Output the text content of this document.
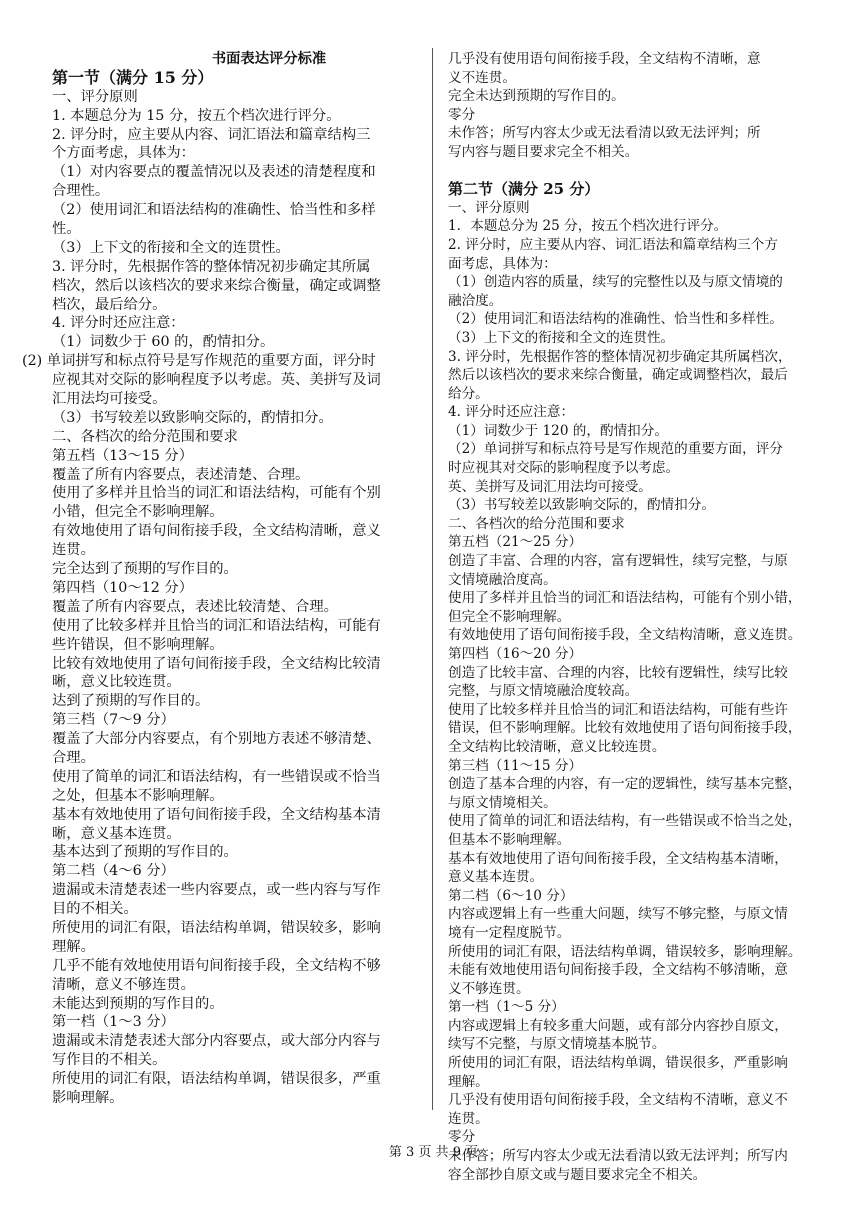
书面表达评分标准
第一节（满分 15 分）
一、评分原则
1. 本题总分为 15 分，按五个档次进行评分。
2. 评分时，应主要从内容、词汇语法和篇章结构三
个方面考虑，具体为：
（1）对内容要点的覆盖情况以及表述的清楚程度和
合理性。
（2）使用词汇和语法结构的准确性、恰当性和多样
性。
（3）上下文的衔接和全文的连贯性。
3. 评分时，先根据作答的整体情况初步确定其所属
档次，然后以该档次的要求来综合衡量，确定或调整
档次，最后给分。
4. 评分时还应注意：
（1）词数少于 60 的，酌情扣分。
(2) 单词拼写和标点符号是写作规范的重要方面，评分时
应视其对交际的影响程度予以考虑。英、美拼写及词
汇用法均可接受。
（3）书写较差以致影响交际的，酌情扣分。
二、各档次的给分范围和要求
第五档（13～15 分）
覆盖了所有内容要点，表述清楚、合理。
使用了多样并且恰当的词汇和语法结构，可能有个别
小错，但完全不影响理解。
有效地使用了语句间衔接手段，全文结构清晰，意义
连贯。
完全达到了预期的写作目的。
第四档（10～12 分）
覆盖了所有内容要点，表述比较清楚、合理。
使用了比较多样并且恰当的词汇和语法结构，可能有
些许错误，但不影响理解。
比较有效地使用了语句间衔接手段，全文结构比较清
晰，意义比较连贯。
达到了预期的写作目的。
第三档（7～9 分）
覆盖了大部分内容要点，有个别地方表述不够清楚、
合理。
使用了简单的词汇和语法结构，有一些错误或不恰当
之处，但基本不影响理解。
基本有效地使用了语句间衔接手段，全文结构基本清
晰，意义基本连贯。
基本达到了预期的写作目的。
第二档（4～6 分）
遗漏或未清楚表述一些内容要点，或一些内容与写作
目的不相关。
所使用的词汇有限，语法结构单调，错误较多，影响
理解。
几乎不能有效地使用语句间衔接手段，全文结构不够
清晰，意义不够连贯。
未能达到预期的写作目的。
第一档（1～3 分）
遗漏或未清楚表述大部分内容要点，或大部分内容与
写作目的不相关。
所使用的词汇有限，语法结构单调，错误很多，严重
影响理解。
几乎没有使用语句间衔接手段，全文结构不清晰，意
义不连贯。
完全未达到预期的写作目的。
零分
未作答；所写内容太少或无法看清以致无法评判；所
写内容与题目要求完全不相关。
第二节（满分 25 分）
一、评分原则
1．本题总分为 25 分，按五个档次进行评分。
2. 评分时，应主要从内容、词汇语法和篇章结构三个方
面考虑，具体为：
（1）创造内容的质量，续写的完整性以及与原文情境的
融洽度。
（2）使用词汇和语法结构的准确性、恰当性和多样性。
（3）上下文的衔接和全文的连贯性。
3. 评分时，先根据作答的整体情况初步确定其所属档次，
然后以该档次的要求来综合衡量，确定或调整档次，最后
给分。
4. 评分时还应注意：
（1）词数少于 120 的，酌情扣分。
（2）单词拼写和标点符号是写作规范的重要方面，评分
时应视其对交际的影响程度予以考虑。
英、美拼写及词汇用法均可接受。
（3）书写较差以致影响交际的，酌情扣分。
二、各档次的给分范围和要求
第五档（21～25 分）
创造了丰富、合理的内容，富有逻辑性，续写完整，与原
文情境融洽度高。
使用了多样并且恰当的词汇和语法结构，可能有个别小错，
但完全不影响理解。
有效地使用了语句间衔接手段，全文结构清晰，意义连贯。
第四档（16～20 分）
创造了比较丰富、合理的内容，比较有逻辑性，续写比较
完整，与原文情境融洽度较高。
使用了比较多样并且恰当的词汇和语法结构，可能有些许
错误，但不影响理解。比较有效地使用了语句间衔接手段，
全文结构比较清晰，意义比较连贯。
第三档（11～15 分）
创造了基本合理的内容，有一定的逻辑性，续写基本完整，
与原文情境相关。
使用了简单的词汇和语法结构，有一些错误或不恰当之处，
但基本不影响理解。
基本有效地使用了语句间衔接手段，全文结构基本清晰，
意义基本连贯。
第二档（6～10 分）
内容或逻辑上有一些重大问题，续写不够完整，与原文情
境有一定程度脱节。
所使用的词汇有限，语法结构单调，错误较多，影响理解。
未能有效地使用语句间衔接手段，全文结构不够清晰，意
义不够连贯。
第一档（1～5 分）
内容或逻辑上有较多重大问题，或有部分内容抄自原文，
续写不完整，与原文情境基本脱节。
所使用的词汇有限，语法结构单调，错误很多，严重影响
理解。
几乎没有使用语句间衔接手段，全文结构不清晰，意义不
连贯。
零分
未作答；所写内容太少或无法看清以致无法评判；所写内
容全部抄自原文或与题目要求完全不相关。
第 3 页 共 9 页
